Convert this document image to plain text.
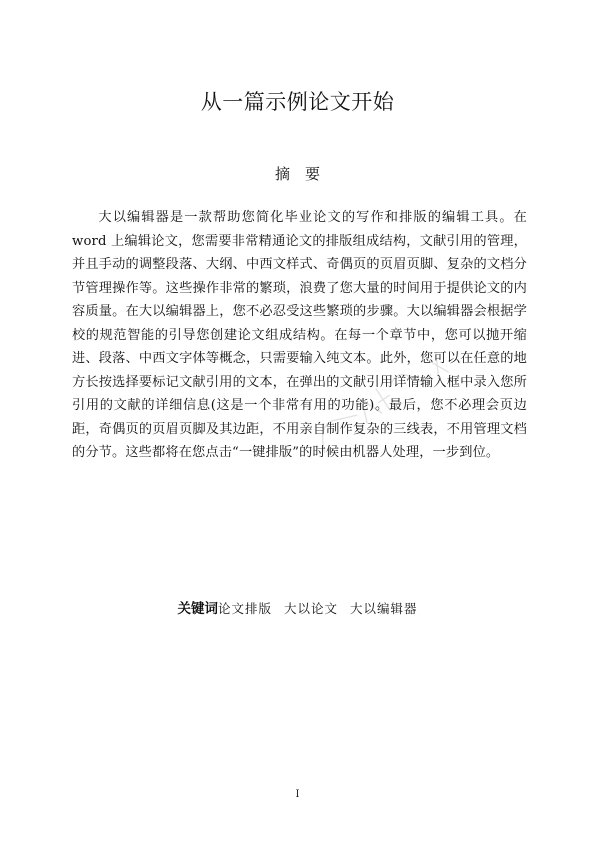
从一篇示例论文开始
摘　要
大以编辑器是一款帮助您简化毕业论文的写作和排版的编辑工具。在word 上编辑论文，您需要非常精通论文的排版组成结构，文献引用的管理，并且手动的调整段落、大纲、中西文样式、奇偶页的页眉页脚、复杂的文档分节管理操作等。这些操作非常的繁琐，浪费了您大量的时间用于提供论文的内容质量。在大以编辑器上，您不必忍受这些繁琐的步骤。大以编辑器会根据学校的规范智能的引导您创建论文组成结构。在每一个章节中，您可以抛开缩进、段落、中西文字体等概念，只需要输入纯文本。此外，您可以在任意的地方长按选择要标记文献引用的文本，在弹出的文献引用详情输入框中录入您所引用的文献的详细信息(这是一个非常有用的功能)。最后，您不必理会页边距，奇偶页的页眉页脚及其边距，不用亲自制作复杂的三线表，不用管理文档的分节。这些都将在您点击“一键排版”的时候由机器人处理，一步到位。
关键词论文排版 大以论文 大以编辑器
I
